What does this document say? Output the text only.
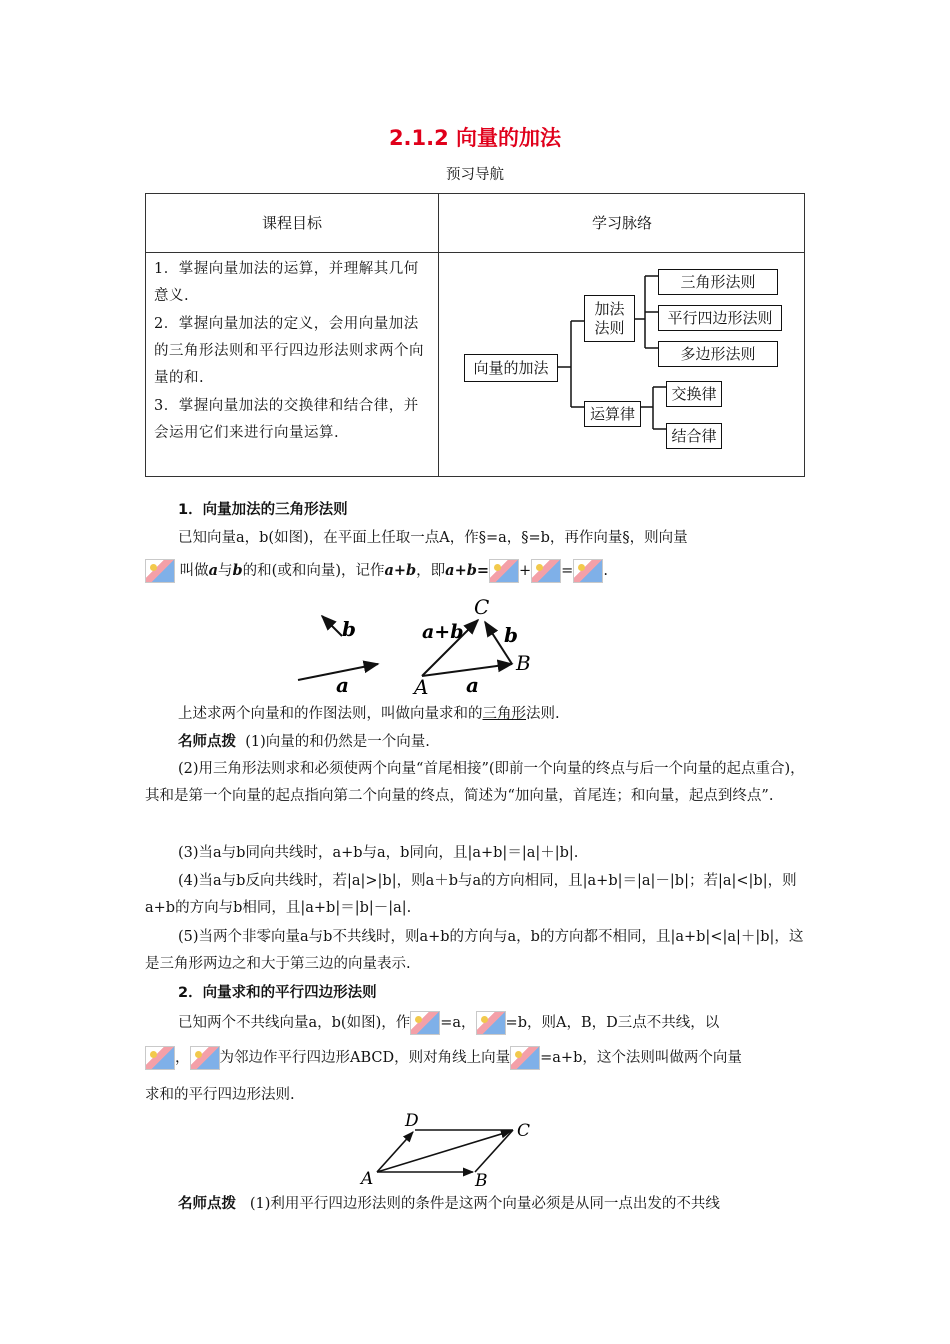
2.1.2 向量的加法
预习导航
课程目标	学习脉络

1．掌握向量加法的运算，并理解其几何意义.

2．掌握向量加法的定义，会用向量加法的三角形法则和平行四边形法则求两个向量的和.

3．掌握向量加法的交换律和结合律，并会运用它们来进行向量运算.

向量的加法
加法法则
三角形法则
平行四边形法则
多边形法则
运算律
交换律
结合律
1．向量加法的三角形法则
已知向量a，b(如图)，在平面上任取一点A，作§=a，§=b，再作向量§，则向量
叫做a与b的和(或和向量)，记作a+b，即a+b= + = .
a
b	a+b b
a
A
B
C
上述求两个向量和的作图法则，叫做向量求和的三角形法则.
名师点拨 (1)向量的和仍然是一个向量.
(2)用三角形法则求和必须使两个向量“首尾相接”(即前一个向量的终点与后一个向量的起点重合)，其和是第一个向量的起点指向第二个向量的终点，简述为“加向量，首尾连；和向量，起点到终点”.
(3)当a与b同向共线时，a+b与a，b同向，且|a+b|＝|a|＋|b|.
(4)当a与b反向共线时，若|a|>|b|，则a＋b与a的方向相同，且|a+b|＝|a|－|b|；若|a|<|b|，则a+b的方向与b相同，且|a+b|＝|b|－|a|.
(5)当两个非零向量a与b不共线时，则a+b的方向与a，b的方向都不相同，且|a+b|<|a|＋|b|，这是三角形两边之和大于第三边的向量表示.
2．向量求和的平行四边形法则
已知两个不共线向量a，b(如图)，作 =a， =b，则A，B，D三点不共线，以
， 为邻边作平行四边形ABCD，则对角线上向量 =a+b，这个法则叫做两个向量
求和的平行四边形法则.
D	C
A	B
名师点拨 (1)利用平行四边形法则的条件是这两个向量必须是从同一点出发的不共线
